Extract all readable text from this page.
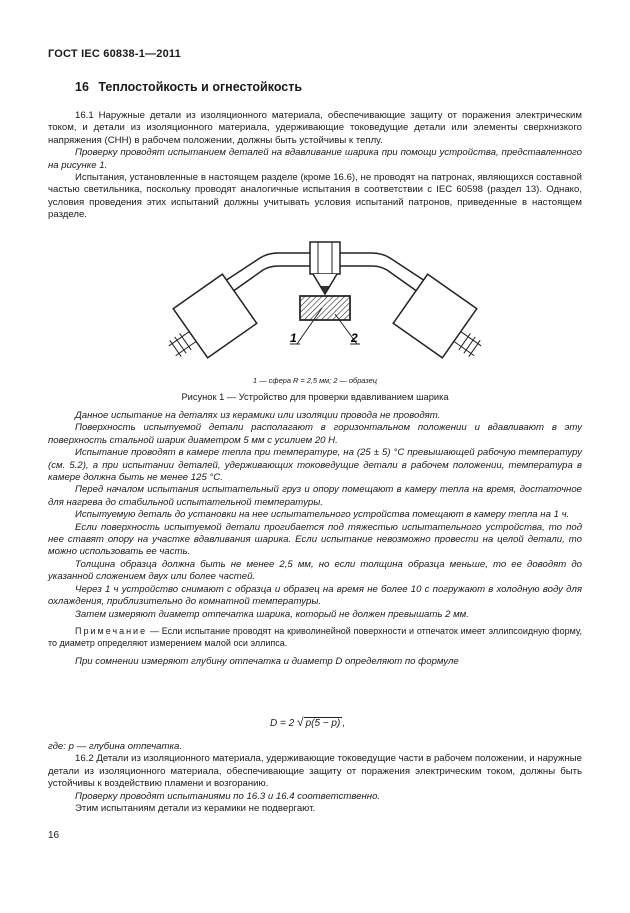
ГОСТ IEC 60838-1—2011
16 Теплостойкость и огнестойкость

16.1 Наружные детали из изоляционного материала, обеспечивающие защиту от поражения электрическим током, и детали из изоляционного материала, удерживающие токоведущие детали или элементы сверхнизкого напряжения (СНН) в рабочем положении, должны быть устойчивы к теплу.

Проверку проводят испытанием деталей на вдавливание шарика при помощи устройства, представленного на рисунке 1.

Испытания, установленные в настоящем разделе (кроме 16.6), не проводят на патронах, являющихся составной частью светильника, поскольку проводят аналогичные испытания в соответствии с IEC 60598 (раздел 13). Однако, условия проведения этих испытаний должны учитывать условия испытаний патронов, приведенные в настоящем разделе.

1	2
1 — сфера R = 2,5 мм; 2 — образец
Рисунок 1 — Устройство для проверки вдавливанием шарика

Данное испытание на деталях из керамики или изоляции провода не проводят.

Поверхность испытуемой детали располагают в горизонтальном положении и вдавливают в эту поверхность стальной шарик диаметром 5 мм с усилием 20 Н.

Испытание проводят в камере тепла при температуре, на (25 ± 5) °С превышающей рабочую температуру (см. 5.2), а при испытании деталей, удерживающих токоведущие детали в рабочем положении, температура в камере должна быть не менее 125 °С.

Перед началом испытания испытательный груз и опору помещают в камеру тепла на время, достаточное для нагрева до стабильной испытательной температуры.

Испытуемую деталь до установки на нее испытательного устройства помещают в камеру тепла на 1 ч.

Если поверхность испытуемой детали прогибается под тяжестью испытательного устройства, то под нее ставят опору на участке вдавливания шарика. Если испытание невозможно провести на целой детали, то можно использовать ее часть.

Толщина образца должна быть не менее 2,5 мм, но если толщина образца меньше, то ее доводят до указанной сложением двух или более частей.

Через 1 ч устройство снимают с образца и образец на время не более 10 с погружают в холодную воду для охлаждения, приблизительно до комнатной температуры.

Затем измеряют диаметр отпечатка шарика, который не должен превышать 2 мм.

Примечание — Если испытание проводят на криволинейной поверхности и отпечаток имеет эллипсоидную форму, то диаметр определяют измерением малой оси эллипса.

При сомнении измеряют глубину отпечатка и диаметр D определяют по формуле

D = 2 √ p(5 − p) ,

где: p — глубина отпечатка.

16.2 Детали из изоляционного материала, удерживающие токоведущие части в рабочем положении, и наружные детали из изоляционного материала, обеспечивающие защиту от поражения электрическим током, должны быть устойчивы к воздействию пламени и возгоранию.

Проверку проводят испытаниями по 16.3 и 16.4 соответственно.

Этим испытаниям детали из керамики не подвергают.

16
